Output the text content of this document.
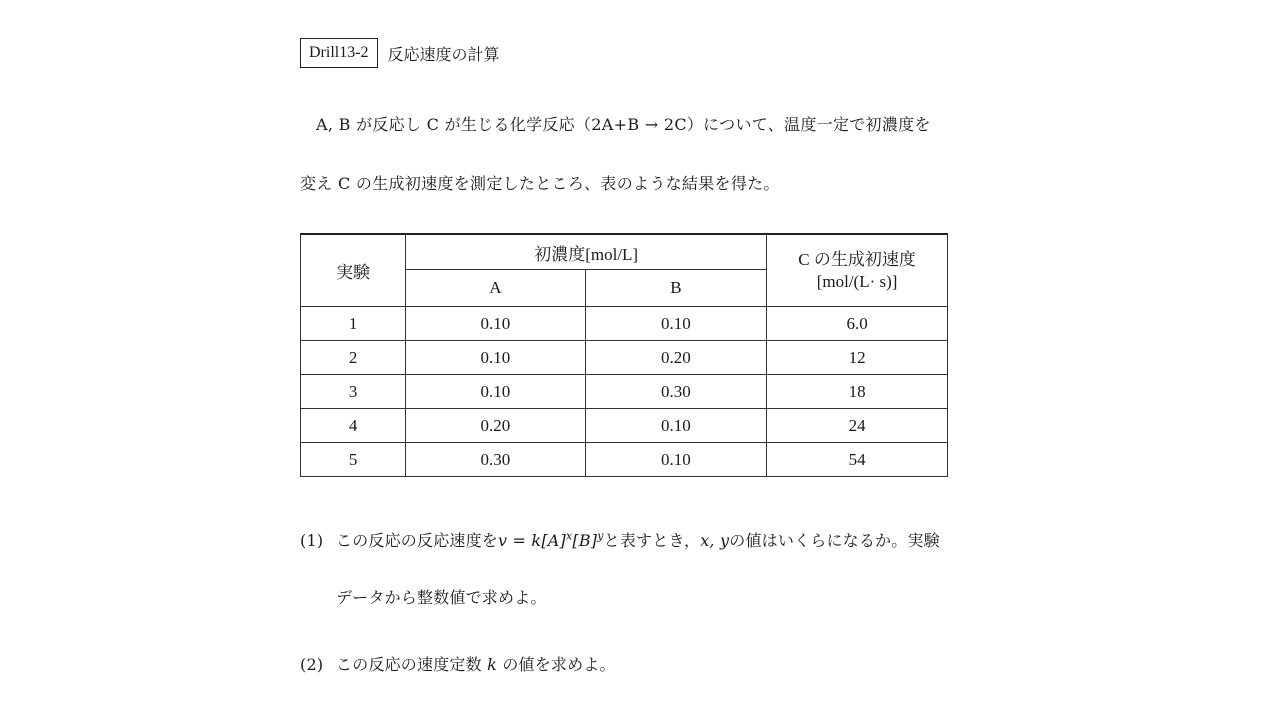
Drill13-2	反応速度の計算
A, B が反応し C が生じる化学反応（2A+B → 2C）について、温度一定で初濃度を
変え C の生成初速度を測定したところ、表のような結果を得た。
実験	初濃度[mol/L]		C の生成初速度
[mol/(L· s)]

	A	B	
1	0.10	0.10	6.0
2	0.10	0.20	12
3	0.10	0.30	18
4	0.20	0.10	24
5	0.30	0.10	54
(1) この反応の反応速度を$v = k[A]^x[B]^y$と表すとき，x, yの値はいくらになるか。実験
データから整数値で求めよ。
(2) この反応の速度定数 k の値を求めよ。
